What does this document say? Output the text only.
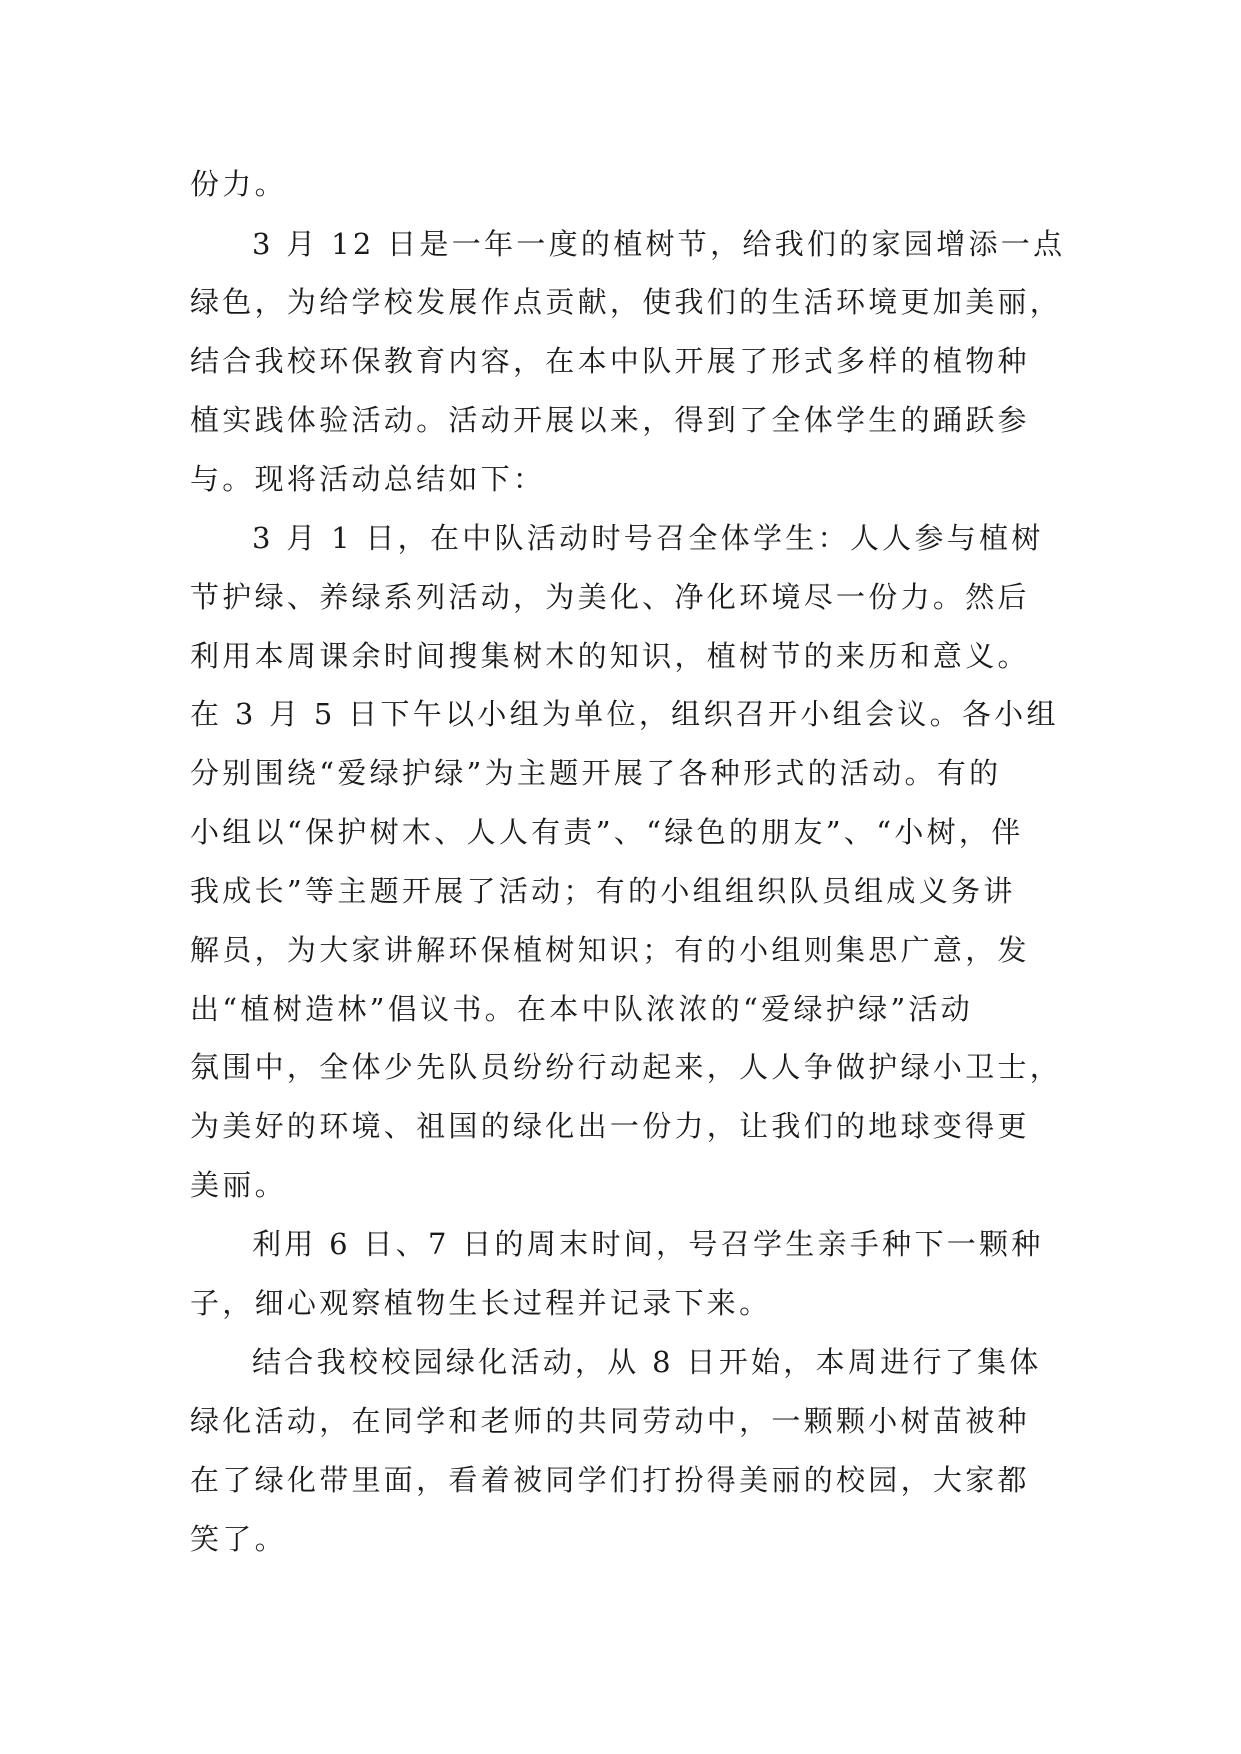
份力。
3 月 12 日是一年一度的植树节，给我们的家园增添一点
绿色，为给学校发展作点贡献，使我们的生活环境更加美丽，
结合我校环保教育内容，在本中队开展了形式多样的植物种
植实践体验活动。活动开展以来，得到了全体学生的踊跃参
与。现将活动总结如下：
3 月 1 日，在中队活动时号召全体学生：人人参与植树
节护绿、养绿系列活动，为美化、净化环境尽一份力。然后
利用本周课余时间搜集树木的知识，植树节的来历和意义。
在 3 月 5 日下午以小组为单位，组织召开小组会议。各小组
分别围绕“爱绿护绿”为主题开展了各种形式的活动。有的
小组以“保护树木、人人有责”、“绿色的朋友”、“小树，伴
我成长”等主题开展了活动；有的小组组织队员组成义务讲
解员，为大家讲解环保植树知识；有的小组则集思广意，发
出“植树造林”倡议书。在本中队浓浓的“爱绿护绿”活动
氛围中，全体少先队员纷纷行动起来，人人争做护绿小卫士，
为美好的环境、祖国的绿化出一份力，让我们的地球变得更
美丽。
利用 6 日、7 日的周末时间，号召学生亲手种下一颗种
子，细心观察植物生长过程并记录下来。
结合我校校园绿化活动，从 8 日开始，本周进行了集体
绿化活动，在同学和老师的共同劳动中，一颗颗小树苗被种
在了绿化带里面，看着被同学们打扮得美丽的校园，大家都
笑了。
